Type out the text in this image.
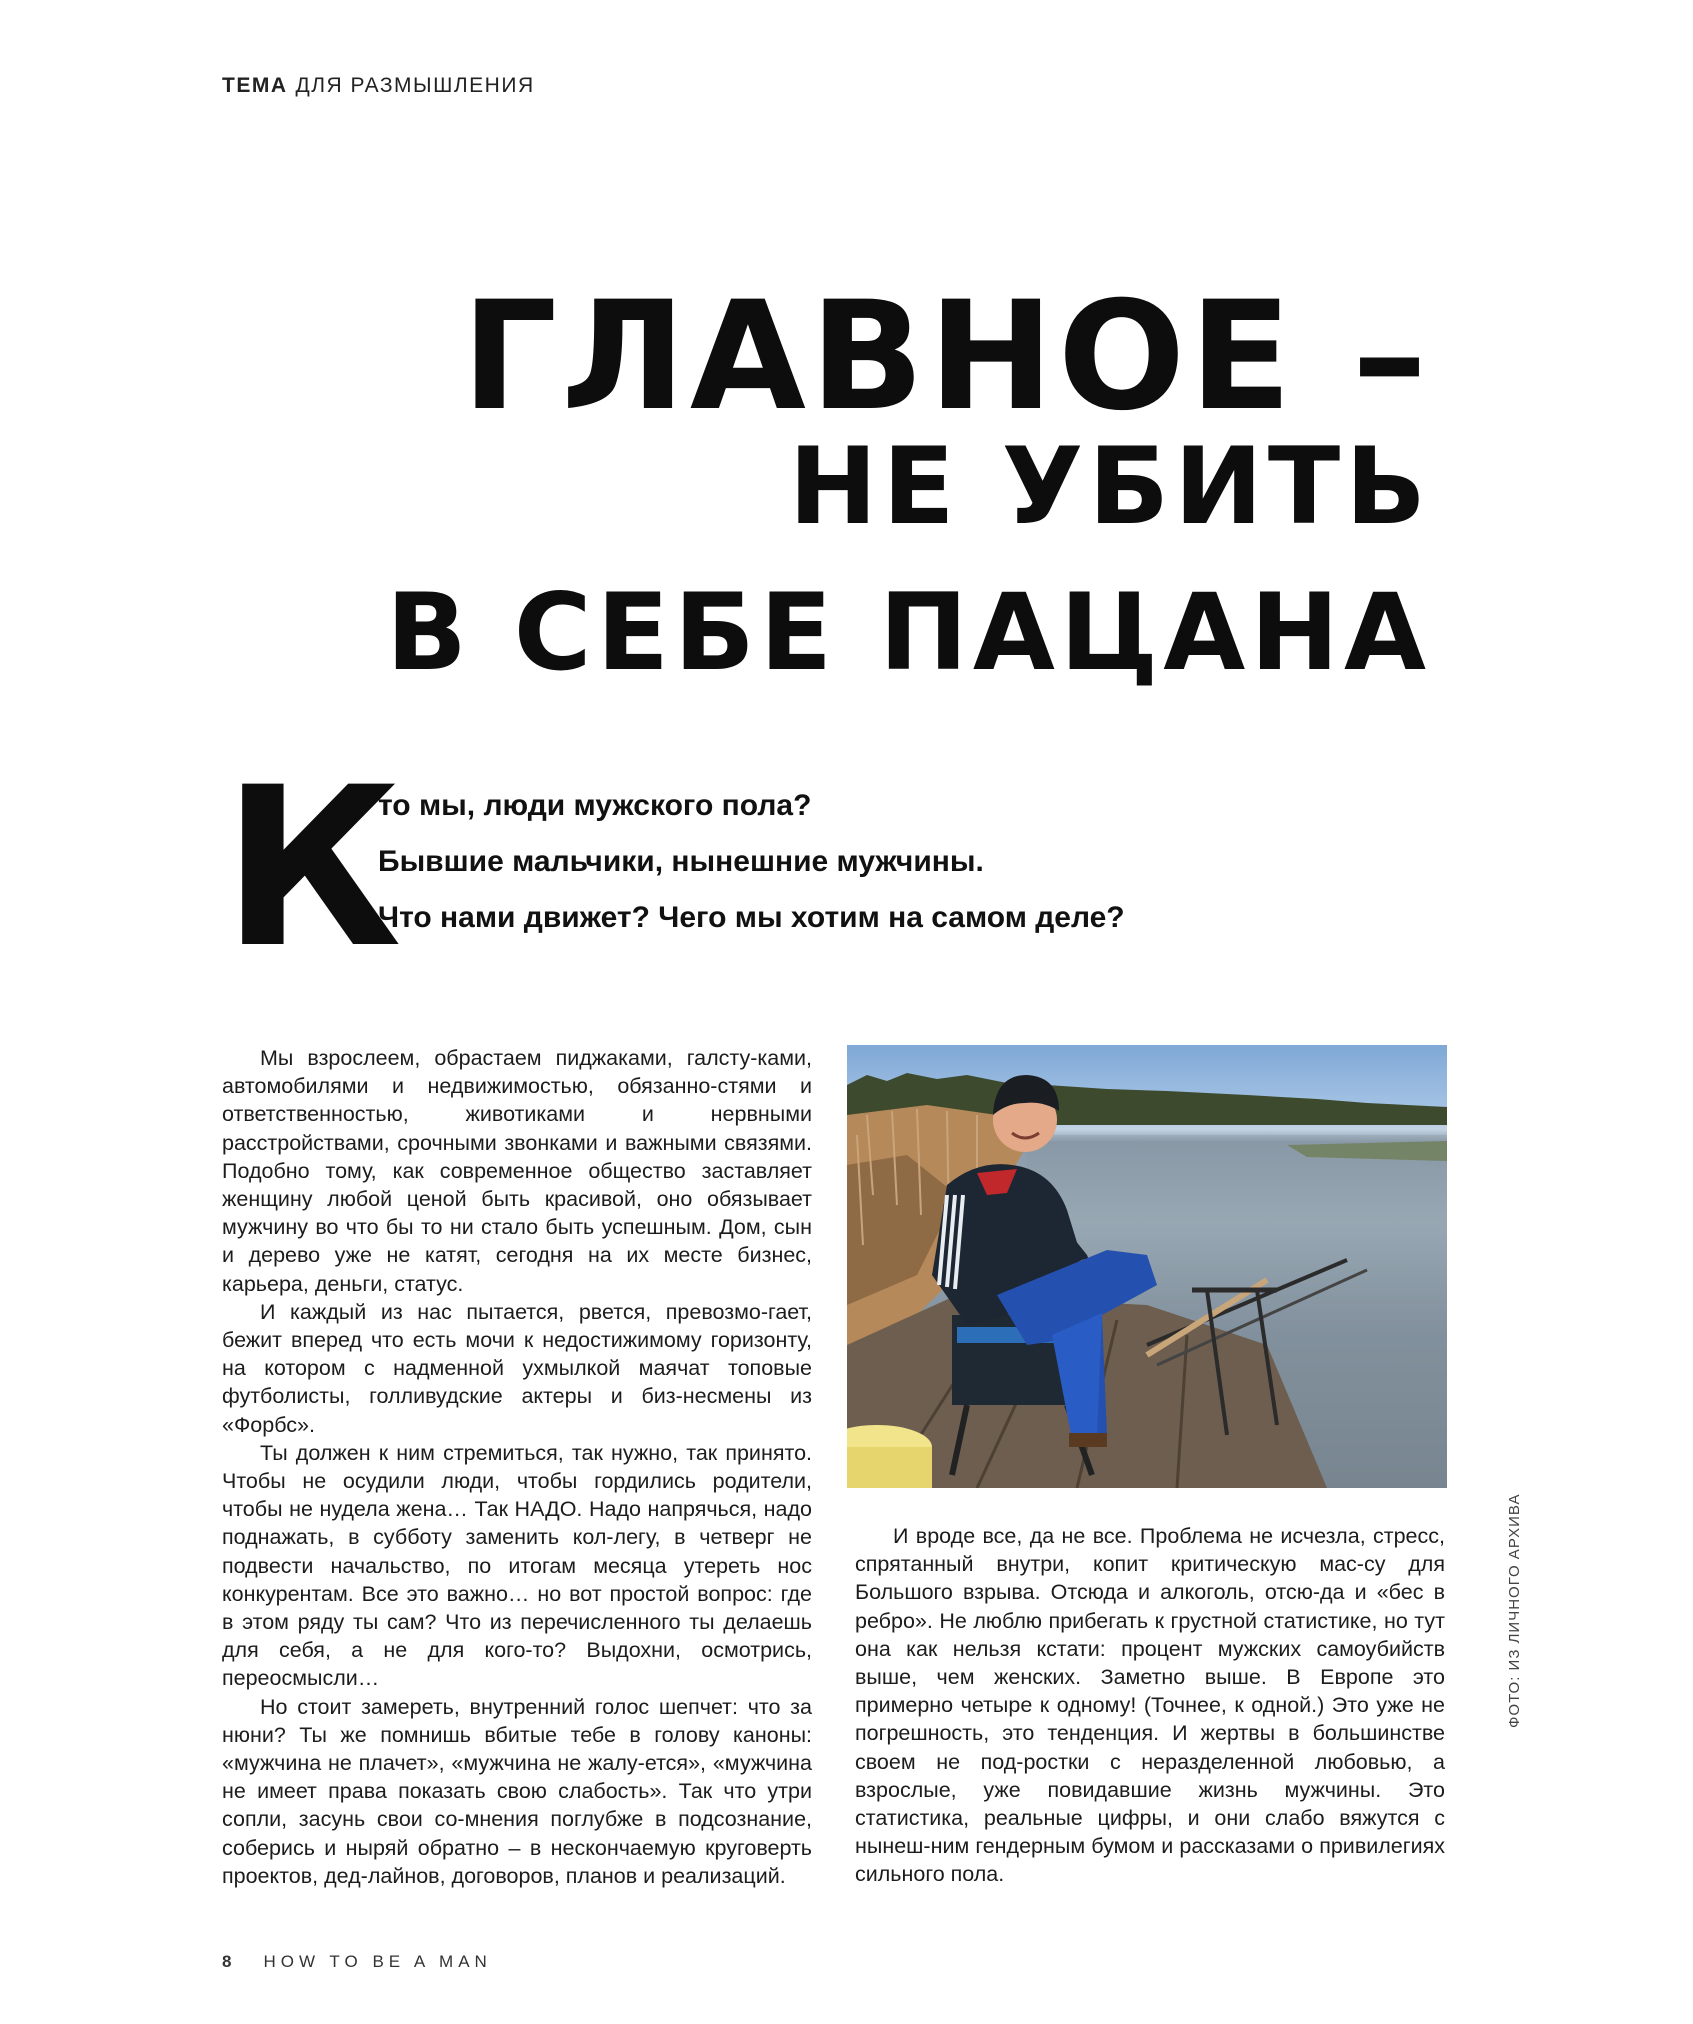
ТЕМА ДЛЯ РАЗМЫШЛЕНИЯ
ГЛАВНОЕ –
НЕ УБИТЬ
В СЕБЕ ПАЦАНА
К
то мы, люди мужского пола?
Бывшие мальчики, нынешние мужчины.
Что нами движет? Чего мы хотим на самом деле?

Мы взрослеем, обрастаем пиджаками, галсту-ками, автомобилями и недвижимостью, обязанно-стями и ответственностью, животиками и нервными расстройствами, срочными звонками и важными связями. Подобно тому, как современное общество заставляет женщину любой ценой быть красивой, оно обязывает мужчину во что бы то ни стало быть успешным. Дом, сын и дерево уже не катят, сегодня на их месте бизнес, карьера, деньги, статус.

И каждый из нас пытается, рвется, превозмо-гает, бежит вперед что есть мочи к недостижимому горизонту, на котором с надменной ухмылкой маячат топовые футболисты, голливудские актеры и биз-несмены из «Форбс».

Ты должен к ним стремиться, так нужно, так принято. Чтобы не осудили люди, чтобы гордились родители, чтобы не нудела жена… Так НАДО. Надо напрячься, надо поднажать, в субботу заменить кол-легу, в четверг не подвести начальство, по итогам месяца утереть нос конкурентам. Все это важно… но вот простой вопрос: где в этом ряду ты сам? Что из перечисленного ты делаешь для себя, а не для кого-то? Выдохни, осмотрись, переосмысли…

Но стоит замереть, внутренний голос шепчет: что за нюни? Ты же помнишь вбитые тебе в голову каноны: «мужчина не плачет», «мужчина не жалу-ется», «мужчина не имеет права показать свою слабость». Так что утри сопли, засунь свои со-мнения поглубже в подсознание, соберись и ныряй обратно – в нескончаемую круговерть проектов, дед-лайнов, договоров, планов и реализаций.

И вроде все, да не все. Проблема не исчезла, стресс, спрятанный внутри, копит критическую мас-су для Большого взрыва. Отсюда и алкоголь, отсю-да и «бес в ребро». Не люблю прибегать к грустной статистике, но тут она как нельзя кстати: процент мужских самоубийств выше, чем женских. Заметно выше. В Европе это примерно четыре к одному! (Точнее, к одной.) Это уже не погрешность, это тенденция. И жертвы в большинстве своем не под-ростки с неразделенной любовью, а взрослые, уже повидавшие жизнь мужчины. Это статистика, реальные цифры, и они слабо вяжутся с нынеш-ним гендерным бумом и рассказами о привилегиях сильного пола.

ФОТО: ИЗ ЛИЧНОГО АРХИВА
8 HOW TO BE A MAN
